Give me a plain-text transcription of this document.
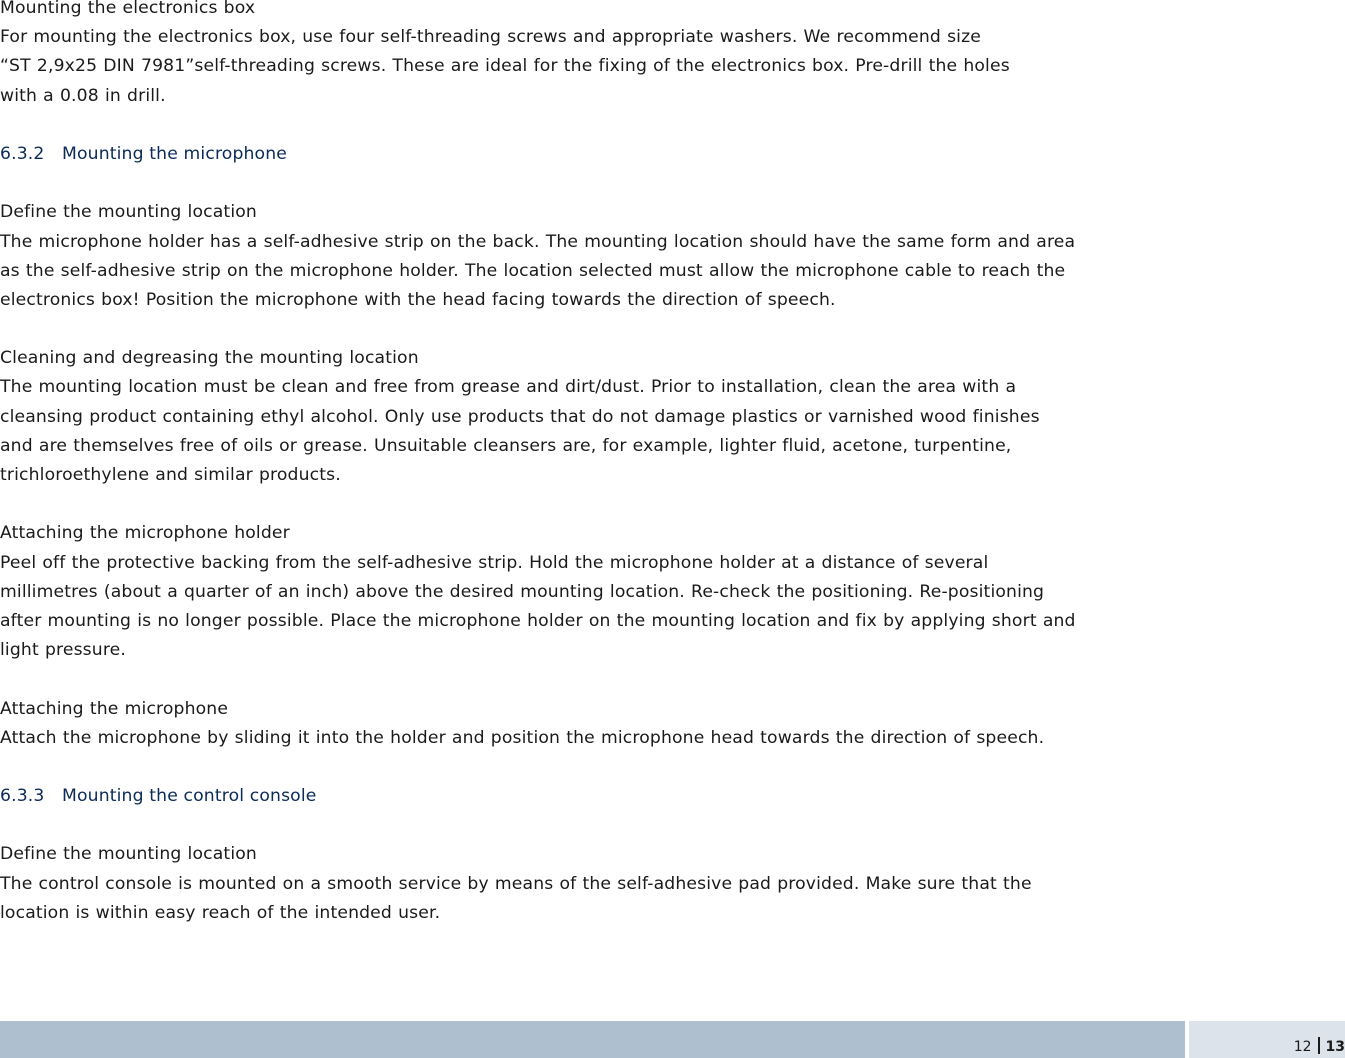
Mounting the electronics box
For mounting the electronics box, use four self-threading screws and appropriate washers. We recommend size
“ST 2,9x25 DIN 7981”self-threading screws. These are ideal for the fixing of the electronics box. Pre-drill the holes
with a 0.08 in drill.
6.3.2 Mounting the microphone
Define the mounting location
The microphone holder has a self-adhesive strip on the back. The mounting location should have the same form and area
as the self-adhesive strip on the microphone holder. The location selected must allow the microphone cable to reach the
electronics box! Position the microphone with the head facing towards the direction of speech.
Cleaning and degreasing the mounting location
The mounting location must be clean and free from grease and dirt/dust. Prior to installation, clean the area with a
cleansing product containing ethyl alcohol. Only use products that do not damage plastics or varnished wood finishes
and are themselves free of oils or grease. Unsuitable cleansers are, for example, lighter fluid, acetone, turpentine,
trichloroethylene and similar products.
Attaching the microphone holder
Peel off the protective backing from the self-adhesive strip. Hold the microphone holder at a distance of several
millimetres (about a quarter of an inch) above the desired mounting location. Re-check the positioning. Re-positioning
after mounting is no longer possible. Place the microphone holder on the mounting location and fix by applying short and
light pressure.
Attaching the microphone
Attach the microphone by sliding it into the holder and position the microphone head towards the direction of speech.
6.3.3 Mounting the control console
Define the mounting location
The control console is mounted on a smooth service by means of the self-adhesive pad provided. Make sure that the
location is within easy reach of the intended user.
12 13
